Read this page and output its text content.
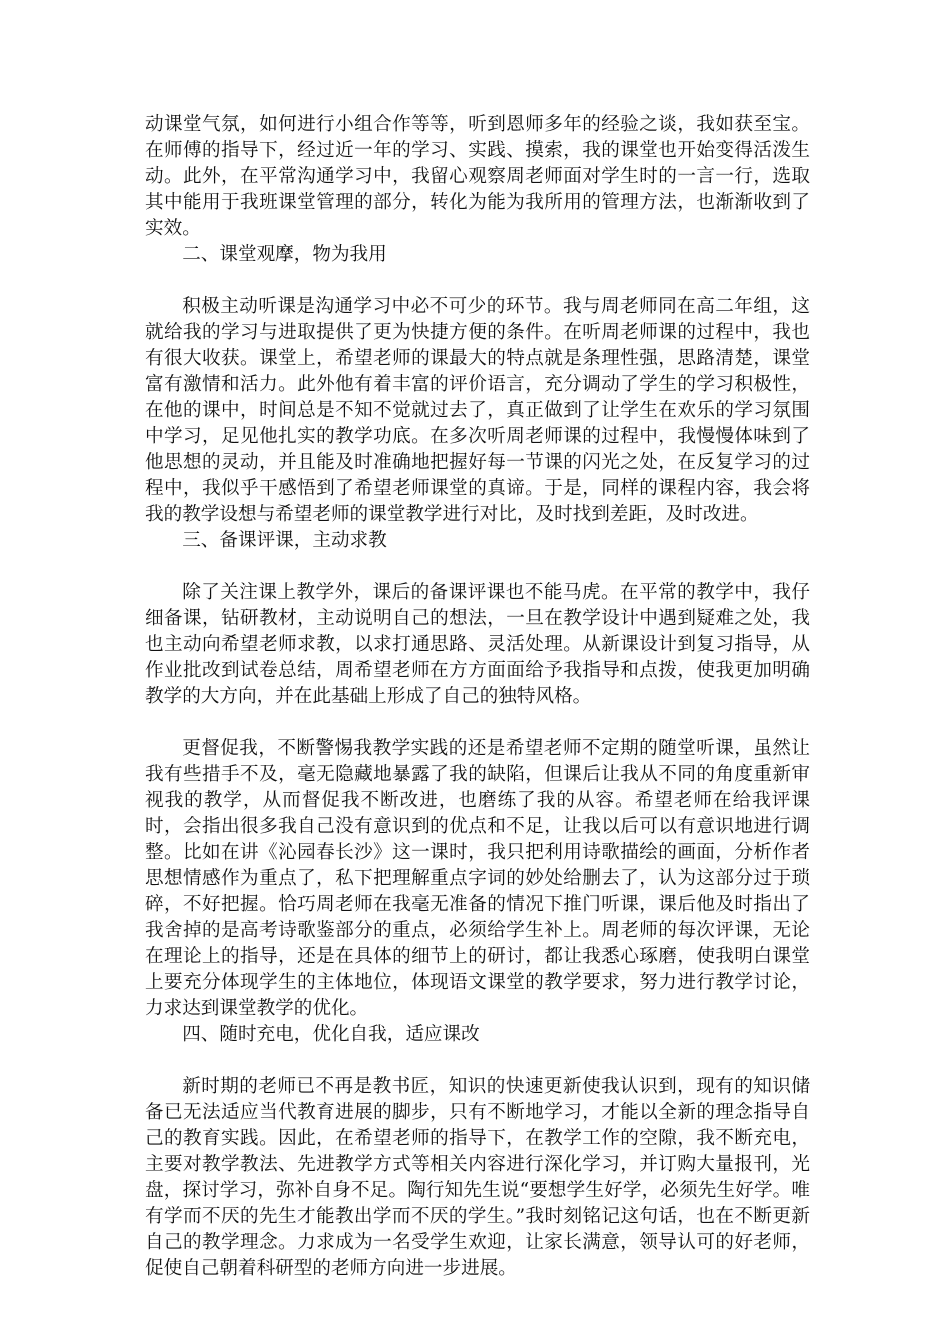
动课堂气氛，如何进行小组合作等等，听到恩师多年的经验之谈，我如获至宝。在师傅的指导下，经过近一年的学习、实践、摸索，我的课堂也开始变得活泼生动。此外，在平常沟通学习中，我留心观察周老师面对学生时的一言一行，选取其中能用于我班课堂管理的部分，转化为能为我所用的管理方法，也渐渐收到了实效。

二、课堂观摩，物为我用

积极主动听课是沟通学习中必不可少的环节。我与周老师同在高二年组，这就给我的学习与进取提供了更为快捷方便的条件。在听周老师课的过程中，我也有很大收获。课堂上，希望老师的课最大的特点就是条理性强，思路清楚，课堂富有激情和活力。此外他有着丰富的评价语言，充分调动了学生的学习积极性，在他的课中，时间总是不知不觉就过去了，真正做到了让学生在欢乐的学习氛围中学习，足见他扎实的教学功底。在多次听周老师课的过程中，我慢慢体味到了他思想的灵动，并且能及时准确地把握好每一节课的闪光之处，在反复学习的过程中，我似乎干感悟到了希望老师课堂的真谛。于是，同样的课程内容，我会将我的教学设想与希望老师的课堂教学进行对比，及时找到差距，及时改进。

三、备课评课，主动求教

除了关注课上教学外，课后的备课评课也不能马虎。在平常的教学中，我仔细备课，钻研教材，主动说明自己的想法，一旦在教学设计中遇到疑难之处，我也主动向希望老师求教，以求打通思路、灵活处理。从新课设计到复习指导，从作业批改到试卷总结，周希望老师在方方面面给予我指导和点拨，使我更加明确教学的大方向，并在此基础上形成了自己的独特风格。

更督促我，不断警惕我教学实践的还是希望老师不定期的随堂听课，虽然让我有些措手不及，毫无隐藏地暴露了我的缺陷，但课后让我从不同的角度重新审视我的教学，从而督促我不断改进，也磨练了我的从容。希望老师在给我评课时，会指出很多我自己没有意识到的优点和不足，让我以后可以有意识地进行调整。比如在讲《沁园春长沙》这一课时，我只把利用诗歌描绘的画面，分析作者思想情感作为重点了，私下把理解重点字词的妙处给删去了，认为这部分过于琐碎，不好把握。恰巧周老师在我毫无准备的情况下推门听课，课后他及时指出了我舍掉的是高考诗歌鉴部分的重点，必须给学生补上。周老师的每次评课，无论在理论上的指导，还是在具体的细节上的研讨，都让我悉心琢磨，使我明白课堂上要充分体现学生的主体地位，体现语文课堂的教学要求，努力进行教学讨论，力求达到课堂教学的优化。

四、随时充电，优化自我，适应课改

新时期的老师已不再是教书匠，知识的快速更新使我认识到，现有的知识储备已无法适应当代教育进展的脚步，只有不断地学习，才能以全新的理念指导自己的教育实践。因此，在希望老师的指导下，在教学工作的空隙，我不断充电，主要对教学教法、先进教学方式等相关内容进行深化学习，并订购大量报刊，光盘，探讨学习，弥补自身不足。陶行知先生说“要想学生好学，必须先生好学。唯有学而不厌的先生才能教出学而不厌的学生。”我时刻铭记这句话，也在不断更新自己的教学理念。力求成为一名受学生欢迎，让家长满意，领导认可的好老师，促使自己朝着科研型的老师方向进一步进展。
